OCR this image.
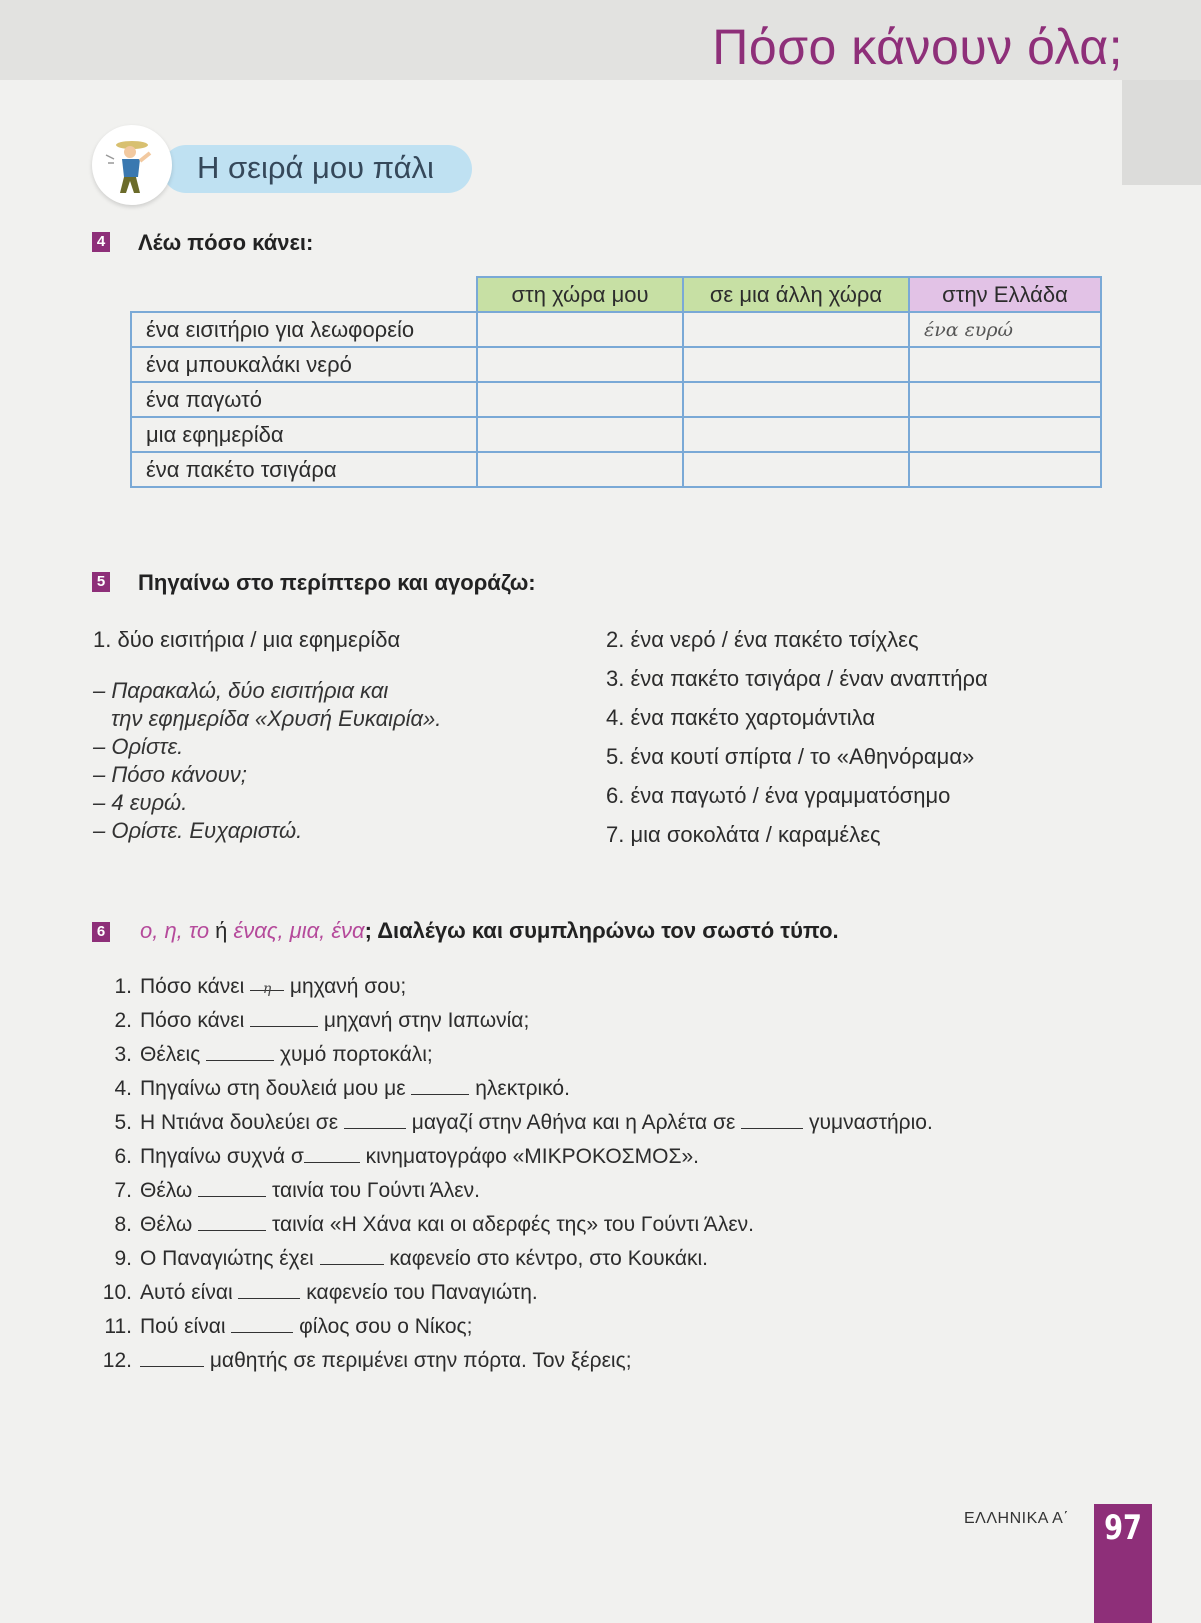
Πόσο κάνουν όλα;
Η σειρά μου πάλι
4 Λέω πόσο κάνει:
	στη χώρα μου	σε μια άλλη χώρα	στην Ελλάδα
ένα εισιτήριο για λεωφορείο			ένα ευρώ
ένα μπουκαλάκι νερό			
ένα παγωτό			
μια εφημερίδα			
ένα πακέτο τσιγάρα			
5 Πηγαίνω στο περίπτερο και αγοράζω:
1. δύο εισιτήρια / μια εφημερίδα
– Παρακαλώ, δύο εισιτήρια και
την εφημερίδα «Χρυσή Ευκαιρία».
– Ορίστε.
– Πόσο κάνουν;
– 4 ευρώ.
– Ορίστε. Ευχαριστώ.
2. ένα νερό / ένα πακέτο τσίχλες
3. ένα πακέτο τσιγάρα / έναν αναπτήρα
4. ένα πακέτο χαρτομάντιλα
5. ένα κουτί σπίρτα / το «Αθηνόραμα»
6. ένα παγωτό / ένα γραμματόσημο
7. μια σοκολάτα / καραμέλες
6 ο, η, το ή ένας, μια, ένα; Διαλέγω και συμπληρώνω τον σωστό τύπο.
1. Πόσο κάνει η μηχανή σου;
2. Πόσο κάνει	μηχανή στην Ιαπωνία;
3. Θέλεις	χυμό πορτοκάλι;
4. Πηγαίνω στη δουλειά μου με	ηλεκτρικό.
5. Η Ντιάνα δουλεύει σε	μαγαζί στην Αθήνα και η Αρλέτα σε	γυμναστήριο.
6. Πηγαίνω συχνά σ	κινηματογράφο «ΜΙΚΡΟΚΟΣΜΟΣ».
7. Θέλω	ταινία του Γούντι Άλεν.
8. Θέλω	ταινία «Η Χάνα και οι αδερφές της» του Γούντι Άλεν.
9. Ο Παναγιώτης έχει	καφενείο στο κέντρο, στο Κουκάκι.
10. Αυτό είναι	καφενείο του Παναγιώτη.
11. Πού είναι	φίλος σου ο Νίκος;
12.	μαθητής σε περιμένει στην πόρτα. Τον ξέρεις;
ΕΛΛΗΝΙΚΑ Α΄ 97
